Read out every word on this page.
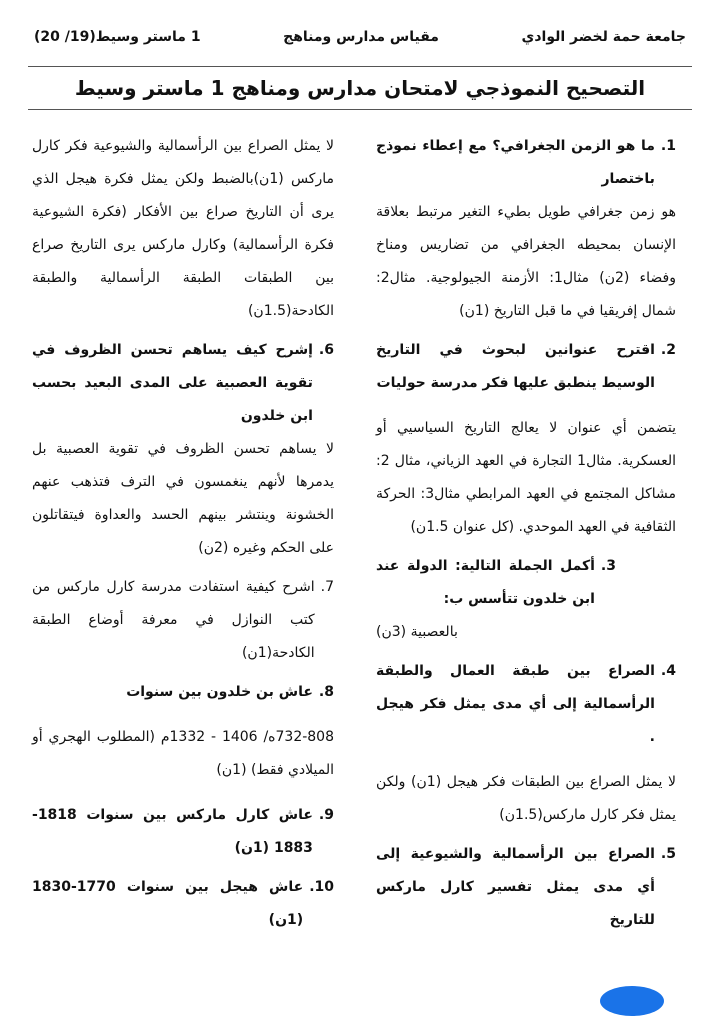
جامعة حمة لخضر الوادي
مقياس مدارس ومناهج
1 ماستر وسيط(19/ 20)
التصحيح النموذجي لامتحان مدارس ومناهج 1 ماستر وسيط
1.
ما هو الزمن الجغرافي؟ مع إعطاء نموذج باختصار
هو زمن جغرافي طويل بطيء التغير مرتبط بعلاقة الإنسان بمحيطه الجغرافي من تضاريس ومناخ وفضاء (2ن) مثال1: الأزمنة الجيولوجية. مثال2: شمال إفريقيا في ما قبل التاريخ (1ن)
2.
اقترح عنوانين لبحوث في التاريخ الوسيط ينطبق عليها فكر مدرسة حوليات
يتضمن أي عنوان لا يعالج التاريخ السياسيي أو العسكرية. مثال1 التجارة في العهد الزياني، مثال 2: مشاكل المجتمع في العهد المرابطي مثال3: الحركة الثقافية في العهد الموحدي. (كل عنوان 1.5ن)
3.
أكمل الجملة التالية: الدولة عند ابن خلدون تتأسس ب:
بالعصبية (3ن)
4.
الصراع بين طبقة العمال والطبقة الرأسمالية إلى أي مدى يمثل فكر هيجل .
لا يمثل الصراع بين الطبقات فكر هيجل (1ن) ولكن يمثل فكر كارل ماركس(1.5ن)
5.
الصراع بين الرأسمالية والشيوعية إلى أي مدى يمثل تفسير كارل ماركس للتاريخ
لا يمثل الصراع بين الرأسمالية والشيوعية فكر كارل ماركس (1ن)بالضبط ولكن يمثل فكرة هيجل الذي يرى أن التاريخ صراع بين الأفكار (فكرة الشيوعية فكرة الرأسمالية) وكارل ماركس يرى التاريخ صراع بين الطبقات الطبقة الرأسمالية والطبقة الكادحة(1.5ن)
6.
إشرح كيف يساهم تحسن الظروف في تقوية العصبية على المدى البعيد بحسب ابن خلدون
لا يساهم تحسن الظروف في تقوية العصبية بل يدمرها لأنهم ينغمسون في الترف فتذهب عنهم الخشونة وينتشر بينهم الحسد والعداوة فيتقاتلون على الحكم وغيره (2ن)
7.
اشرح كيفية استفادت مدرسة كارل ماركس من كتب النوازل في معرفة أوضاع الطبقة الكادحة(1ن)
8.
عاش بن خلدون بين سنوات
732-808ه/ 1406 - 1332م (المطلوب الهجري أو الميلادي فقط) (1ن)
9.
عاش كارل ماركس بين سنوات 1818-1883 (1ن)
10.
عاش هيجل بين سنوات 1770-1830 (1ن)
